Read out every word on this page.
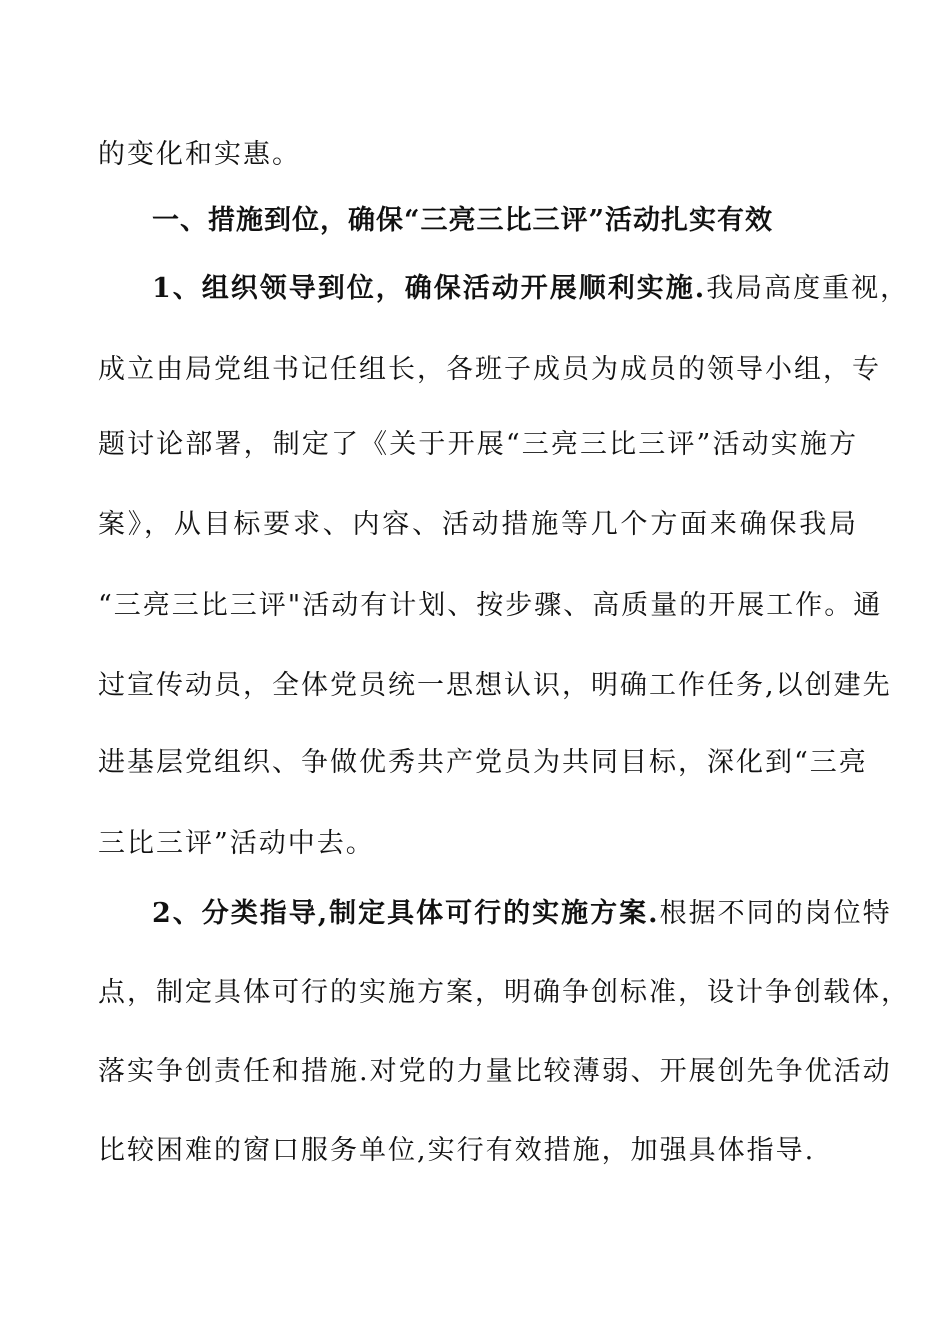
的变化和实惠。
一、措施到位，确保“三亮三比三评”活动扎实有效
1、组织领导到位，确保活动开展顺利实施.我局高度重视，
成立由局党组书记任组长，各班子成员为成员的领导小组，专
题讨论部署，制定了《关于开展“三亮三比三评”活动实施方
案》，从目标要求、内容、活动措施等几个方面来确保我局
“三亮三比三评"活动有计划、按步骤、高质量的开展工作。通
过宣传动员，全体党员统一思想认识，明确工作任务,以创建先
进基层党组织、争做优秀共产党员为共同目标，深化到“三亮
三比三评”活动中去。
2、分类指导,制定具体可行的实施方案.根据不同的岗位特
点，制定具体可行的实施方案，明确争创标准，设计争创载体，
落实争创责任和措施.对党的力量比较薄弱、开展创先争优活动
比较困难的窗口服务单位,实行有效措施，加强具体指导.
